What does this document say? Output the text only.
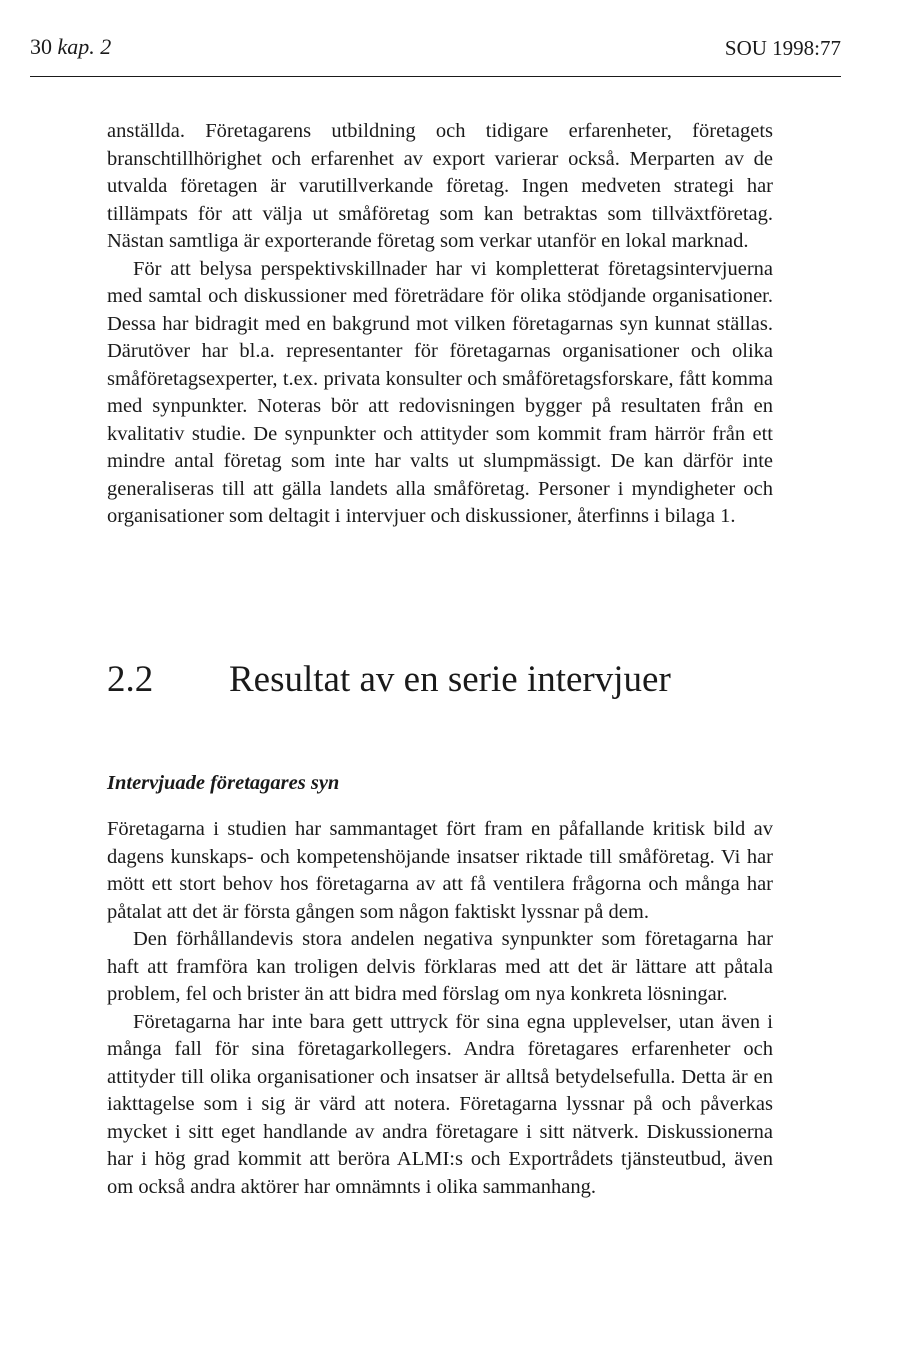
30 kap. 2	SOU 1998:77

anställda. Företagarens utbildning och tidigare erfarenheter, företagets branschtillhörighet och erfarenhet av export varierar också. Merparten av de utvalda företagen är varutillverkande företag. Ingen medveten strategi har tillämpats för att välja ut småföretag som kan betraktas som tillväxtföretag. Nästan samtliga är exporterande företag som verkar utanför en lokal marknad.

För att belysa perspektivskillnader har vi kompletterat företagsintervjuerna med samtal och diskussioner med företrädare för olika stödjande organisationer. Dessa har bidragit med en bakgrund mot vilken företagarnas syn kunnat ställas. Därutöver har bl.a. representanter för företagarnas organisationer och olika småföretagsexperter, t.ex. privata konsulter och småföretagsforskare, fått komma med synpunkter. Noteras bör att redovisningen bygger på resultaten från en kvalitativ studie. De synpunkter och attityder som kommit fram härrör från ett mindre antal företag som inte har valts ut slumpmässigt. De kan därför inte generaliseras till att gälla landets alla småföretag. Personer i myndigheter och organisationer som deltagit i intervjuer och diskussioner, återfinns i bilaga 1.

2.2 Resultat av en serie intervjuer
Intervjuade företagares syn

Företagarna i studien har sammantaget fört fram en påfallande kritisk bild av dagens kunskaps- och kompetenshöjande insatser riktade till småföretag. Vi har mött ett stort behov hos företagarna av att få ventilera frågorna och många har påtalat att det är första gången som någon faktiskt lyssnar på dem.

Den förhållandevis stora andelen negativa synpunkter som företagarna har haft att framföra kan troligen delvis förklaras med att det är lättare att påtala problem, fel och brister än att bidra med förslag om nya konkreta lösningar.

Företagarna har inte bara gett uttryck för sina egna upplevelser, utan även i många fall för sina företagarkollegers. Andra företagares erfarenheter och attityder till olika organisationer och insatser är alltså betydelsefulla. Detta är en iakttagelse som i sig är värd att notera. Företagarna lyssnar på och påverkas mycket i sitt eget handlande av andra företagare i sitt nätverk. Diskussionerna har i hög grad kommit att beröra ALMI:s och Exportrådets tjänsteutbud, även om också andra aktörer har omnämnts i olika sammanhang.
